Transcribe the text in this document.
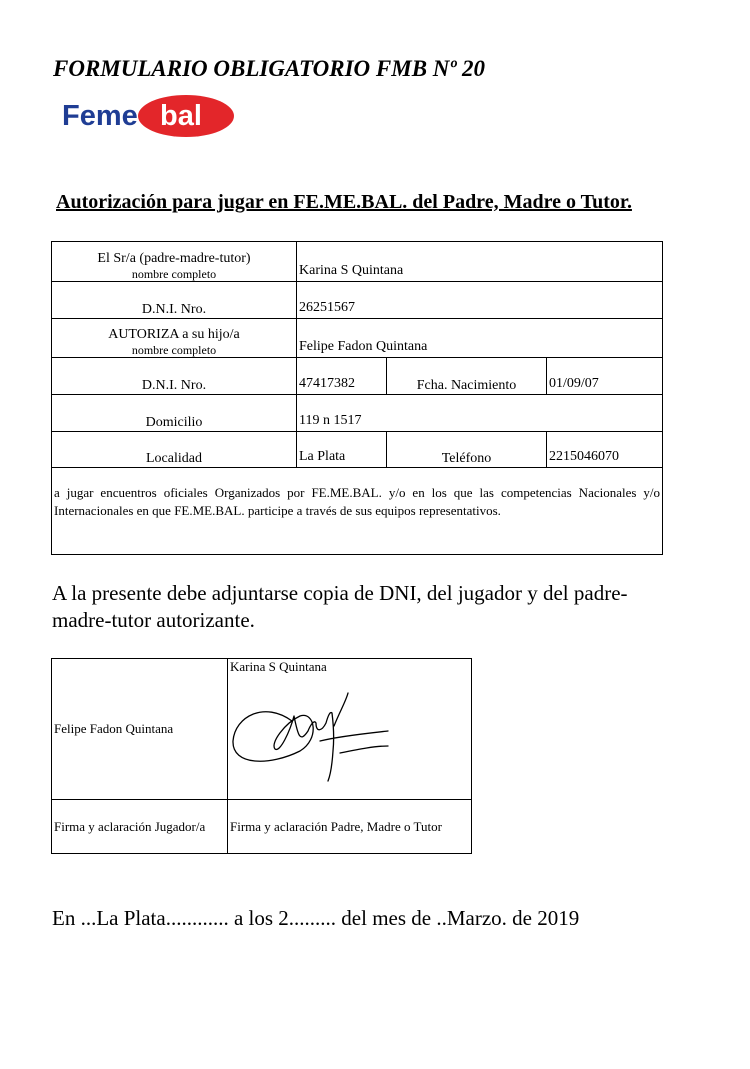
FORMULARIO OBLIGATORIO FMB Nº 20
Feme bal
Autorización para jugar en FE.ME.BAL. del Padre, Madre o Tutor.
El Sr/a (padre-madre-tutor)
nombre completo	Karina S Quintana		
D.N.I. Nro.	26251567		
AUTORIZA a su hijo/a
nombre completo	Felipe Fadon Quintana		
D.N.I. Nro.	47417382	Fcha. Nacimiento	01/09/07
Domicilio	119 n 1517		
Localidad	La Plata	Teléfono	2215046070
a jugar encuentros oficiales Organizados por FE.ME.BAL. y/o en los que las competencias Nacionales y/o Internacionales en que FE.ME.BAL. participe a través de sus equipos representativos.			
A la presente debe adjuntarse copia de DNI, del jugador y del padre-madre-tutor autorizante.
Felipe Fadon Quintana	Karina S Quintana

Firma y aclaración Jugador/a	Firma y aclaración Padre, Madre o Tutor
En ...La Plata............ a los 2......... del mes de ..Marzo. de 2019
